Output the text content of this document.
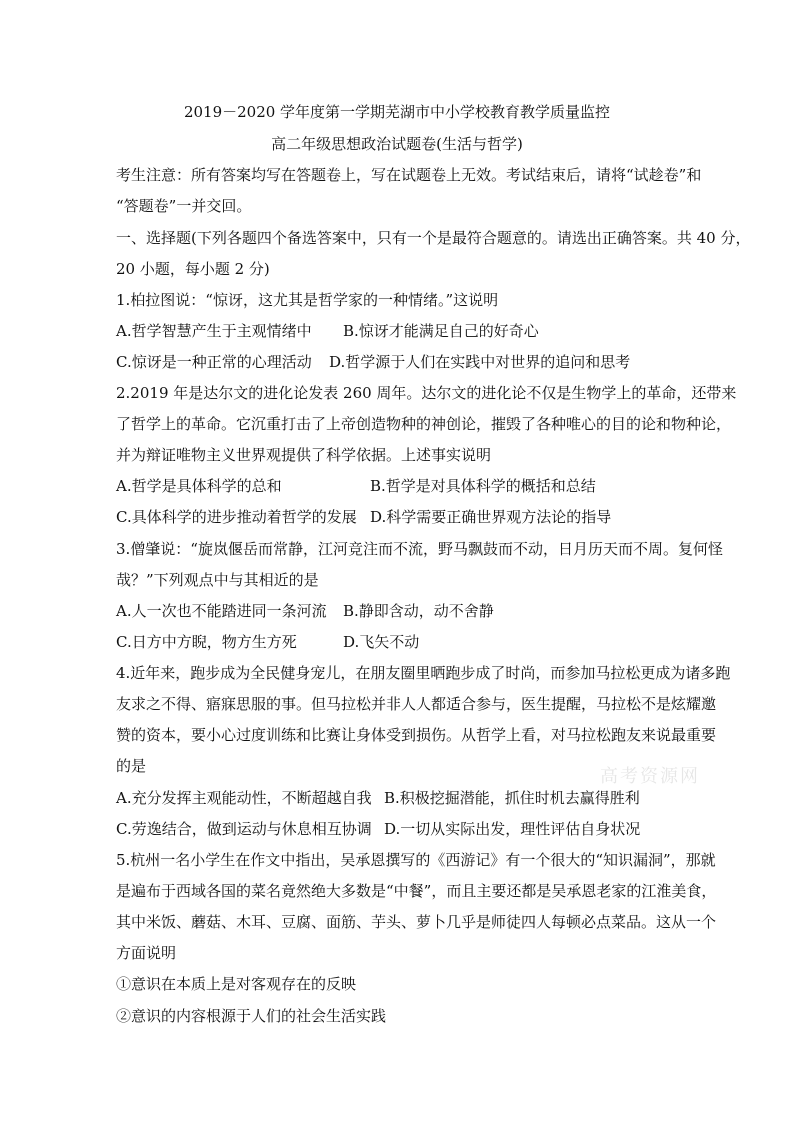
2019－2020 学年度第一学期芜湖市中小学校教育教学质量监控
高二年级思想政治试题卷(生活与哲学)
考生注意：所有答案均写在答题卷上，写在试题卷上无效。考试结束后，请将“试趁卷”和
“答题卷”一并交回。
一、选择题(下列各题四个备选答案中，只有一个是最符合题意的。请选出正确答案。共 40 分，
20 小题，每小题 2 分)
1.柏拉图说：“惊讶，这尤其是哲学家的一种情绪。”这说明
A.哲学智慧产生于主观情绪中 B.惊讶才能满足自己的好奇心
C.惊讶是一种正常的心理活动 D.哲学源于人们在实践中对世界的追问和思考
2.2019 年是达尔文的进化论发表 260 周年。达尔文的进化论不仅是生物学上的革命，还带来
了哲学上的革命。它沉重打击了上帝创造物种的神创论，摧毁了各种唯心的目的论和物种论，
并为辩证唯物主义世界观提供了科学依据。上述事实说明
A.哲学是具体科学的总和	B.哲学是对具体科学的概括和总结
C.具体科学的进步推动着哲学的发展 D.科学需要正确世界观方法论的指导
3.僧肇说：“旋岚偃岳而常静，江河竞注而不流，野马飘鼓而不动，日月历天而不周。复何怪
哉？”下列观点中与其相近的是
A.人一次也不能踏进同一条河流 B.静即含动，动不舍静
C.日方中方睨，物方生方死	D.飞矢不动
4.近年来，跑步成为全民健身宠儿，在朋友圈里晒跑步成了时尚，而参加马拉松更成为诸多跑
友求之不得、寤寐思服的事。但马拉松并非人人都适合参与，医生提醒，马拉松不是炫耀邀
赞的资本，要小心过度训练和比赛让身体受到损伤。从哲学上看，对马拉松跑友来说最重要
的是
A.充分发挥主观能动性，不断超越自我 B.积极挖掘潜能，抓住时机去赢得胜利
C.劳逸结合，做到运动与休息相互协调 D.一切从实际出发，理性评估自身状况
5.杭州一名小学生在作文中指出，吴承恩撰写的《西游记》有一个很大的“知识漏洞”，那就
是遍布于西域各国的菜名竟然绝大多数是“中餐”，而且主要还都是吴承恩老家的江淮美食，
其中米饭、蘑菇、木耳、豆腐、面筋、芋头、萝卜几乎是师徒四人每顿必点菜品。这从一个
方面说明
①意识在本质上是对客观存在的反映
②意识的内容根源于人们的社会生活实践
高考资源网
